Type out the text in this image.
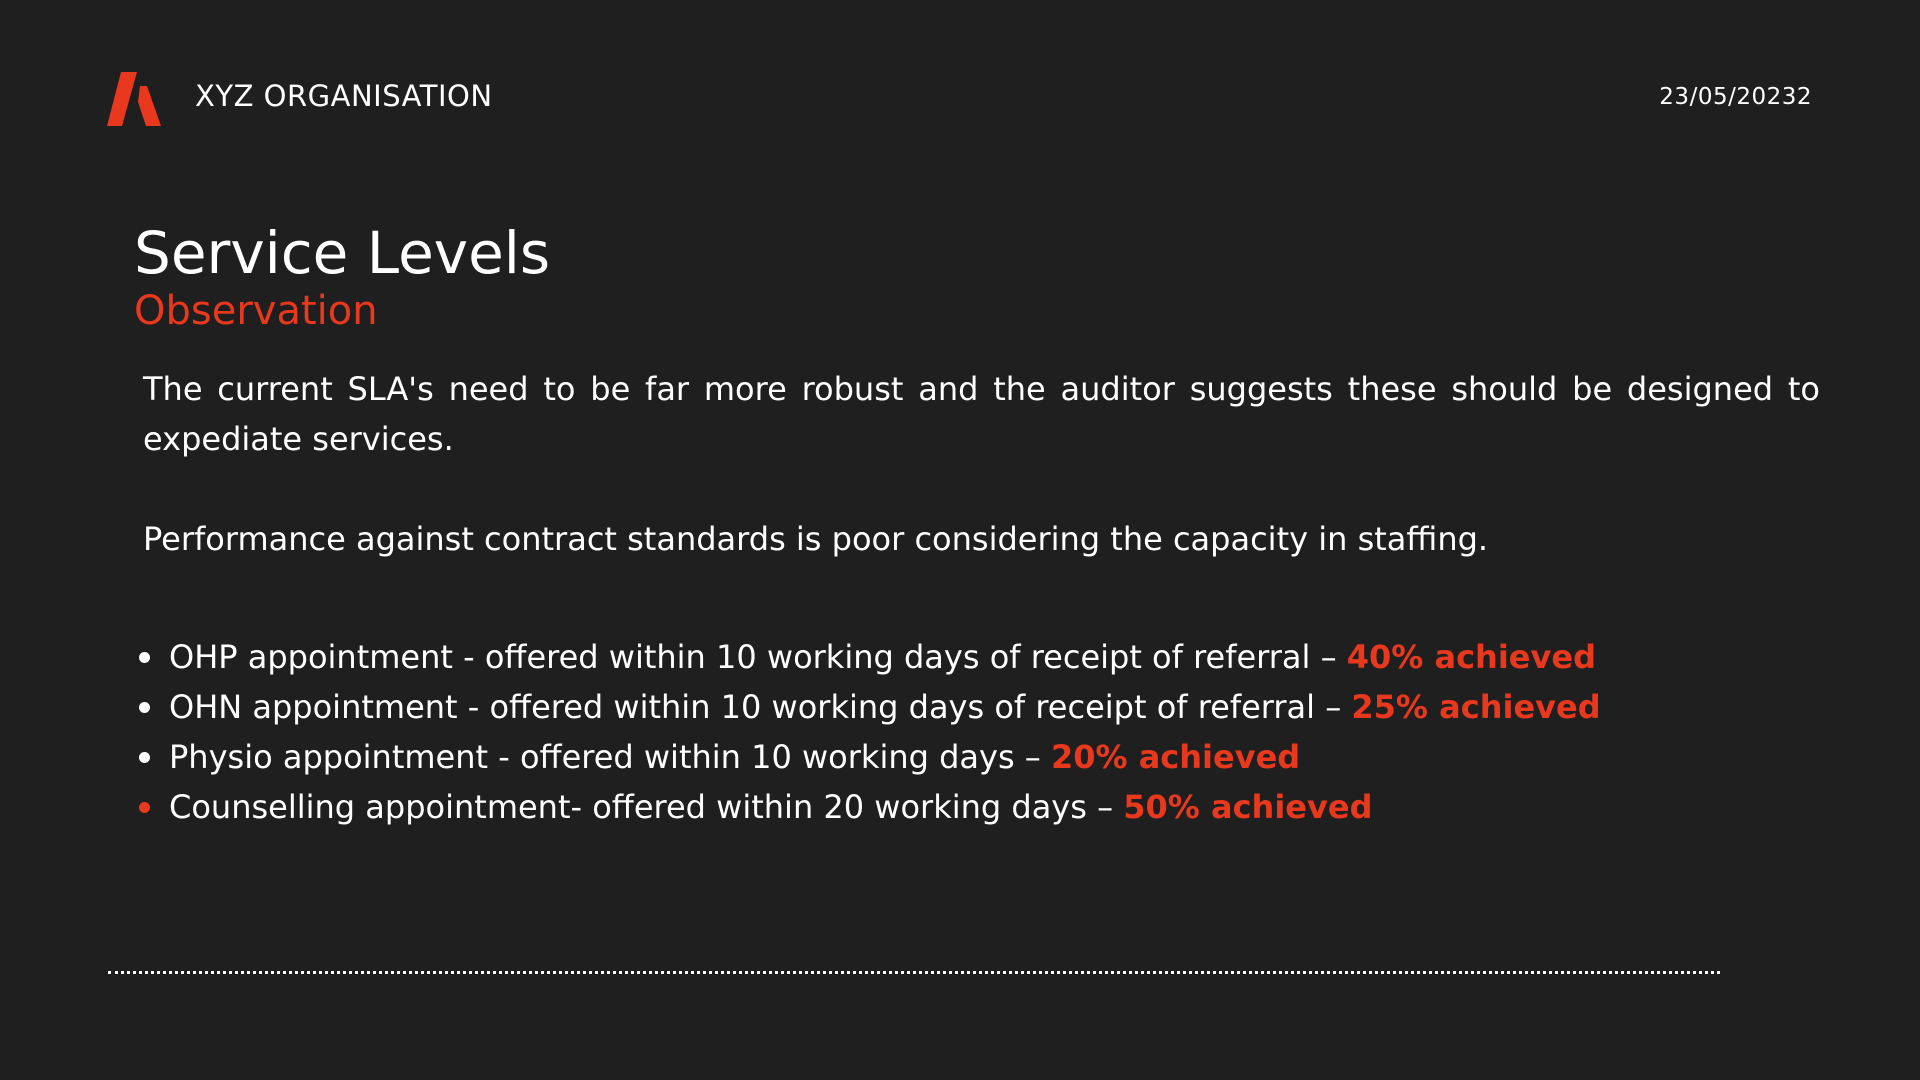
XYZ ORGANISATION	23/05/20232
Service Levels
Observation

The current SLA's need to be far more robust and the auditor suggests these should be designed to expediate services.

Performance against contract standards is poor considering the capacity in staffing.

OHP appointment - offered within 10 working days of receipt of referral – 40% achieved
OHN appointment - offered within 10 working days of receipt of referral – 25% achieved
Physio appointment - offered within 10 working days – 20% achieved
Counselling appointment- offered within 20 working days – 50% achieved
